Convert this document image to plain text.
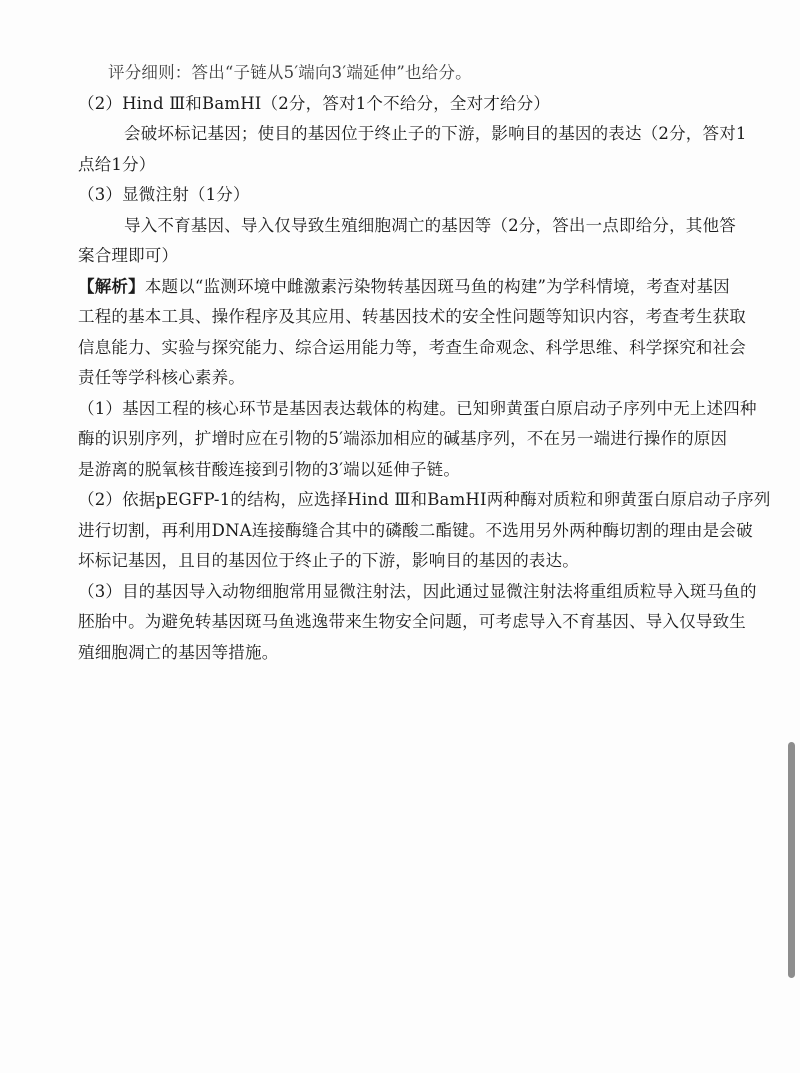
评分细则：答出“子链从5′端向3′端延伸”也给分。
（2）Hind Ⅲ和BamHⅠ（2分，答对1个不给分，全对才给分）
会破坏标记基因；使目的基因位于终止子的下游，影响目的基因的表达（2分，答对1
点给1分）
（3）显微注射（1分）
导入不育基因、导入仅导致生殖细胞凋亡的基因等（2分，答出一点即给分，其他答
案合理即可）
【解析】本题以“监测环境中雌激素污染物转基因斑马鱼的构建”为学科情境，考查对基因
工程的基本工具、操作程序及其应用、转基因技术的安全性问题等知识内容，考查考生获取
信息能力、实验与探究能力、综合运用能力等，考查生命观念、科学思维、科学探究和社会
责任等学科核心素养。
（1）基因工程的核心环节是基因表达载体的构建。已知卵黄蛋白原启动子序列中无上述四种
酶的识别序列，扩增时应在引物的5′端添加相应的碱基序列，不在另一端进行操作的原因
是游离的脱氧核苷酸连接到引物的3′端以延伸子链。
（2）依据pEGFP-1的结构，应选择Hind Ⅲ和BamHⅠ两种酶对质粒和卵黄蛋白原启动子序列
进行切割，再利用DNA连接酶缝合其中的磷酸二酯键。不选用另外两种酶切割的理由是会破
坏标记基因，且目的基因位于终止子的下游，影响目的基因的表达。
（3）目的基因导入动物细胞常用显微注射法，因此通过显微注射法将重组质粒导入斑马鱼的
胚胎中。为避免转基因斑马鱼逃逸带来生物安全问题，可考虑导入不育基因、导入仅导致生
殖细胞凋亡的基因等措施。
